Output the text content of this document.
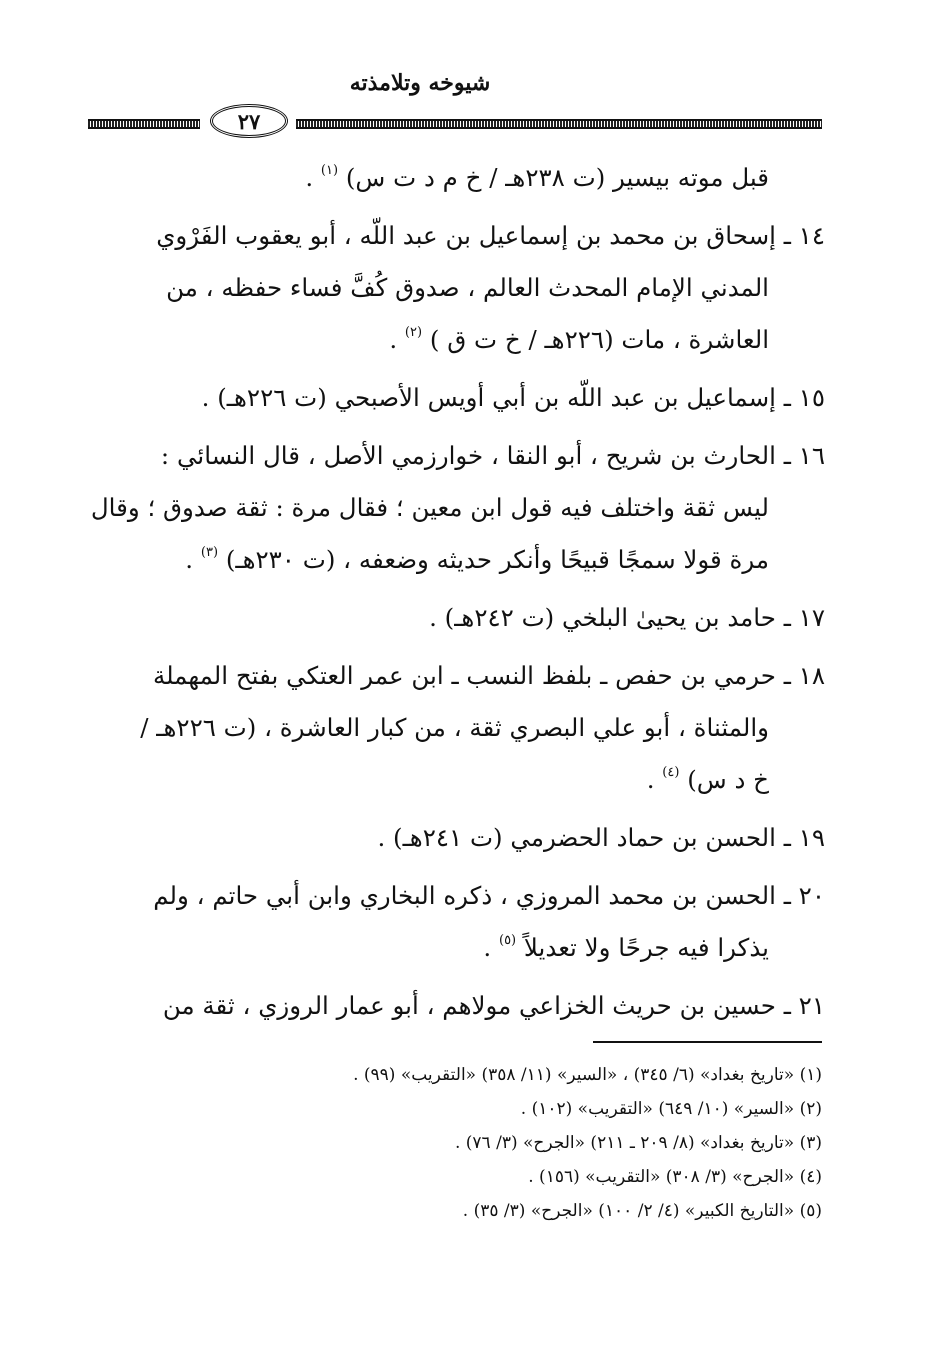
شيوخه وتلامذته
٢٧

قبل موته بيسير (ت ٢٣٨هـ / خ م د ت س) $^{(١)}$ .

١٤ ـ إسحاق بن محمد بن إسماعيل بن عبد اللّه ، أبو يعقوب الفَرْوي
المدني الإمام المحدث العالم ، صدوق كُفَّ فساء حفظه ، من
العاشرة ، مات (٢٢٦هـ / خ ت ق ) $^{(٢)}$ .

١٥ ـ إسماعيل بن عبد اللّه بن أبي أويس الأصبحي (ت ٢٢٦هـ) .

١٦ ـ الحارث بن شريح ، أبو النقا ، خوارزمي الأصل ، قال النسائي :
ليس ثقة واختلف فيه قول ابن معين ؛ فقال مرة : ثقة صدوق ؛ وقال
مرة قولا سمجًا قبيحًا وأنكر حديثه وضعفه ، (ت ٢٣٠هـ) $^{(٣)}$ .

١٧ ـ حامد بن يحيىٰ البلخي (ت ٢٤٢هـ) .

١٨ ـ حرمي بن حفص ـ بلفظ النسب ـ ابن عمر العتكي بفتح المهملة
والمثناة ، أبو علي البصري ثقة ، من كبار العاشرة ، (ت ٢٢٦هـ /
خ د س) $^{(٤)}$ .

١٩ ـ الحسن بن حماد الحضرمي (ت ٢٤١هـ) .

٢٠ ـ الحسن بن محمد المروزي ، ذكره البخاري وابن أبي حاتم ، ولم
يذكرا فيه جرحًا ولا تعديلاً $^{(٥)}$ .

٢١ ـ حسين بن حريث الخزاعي مولاهم ، أبو عمار الروزي ، ثقة من

(١) «تاريخ بغداد» (٦/ ٣٤٥) ، «السير» (١١/ ٣٥٨) «التقريب» (٩٩) .
(٢) «السير» (١٠/ ٦٤٩) «التقريب» (١٠٢) .
(٣) «تاريخ بغداد» (٨/ ٢٠٩ ـ ٢١١) «الجرح» (٣/ ٧٦) .
(٤) «الجرح» (٣/ ٣٠٨) «التقريب» (١٥٦) .
(٥) «التاريخ الكبير» (٤/ ٢/ ١٠٠) «الجرح» (٣/ ٣٥) .
